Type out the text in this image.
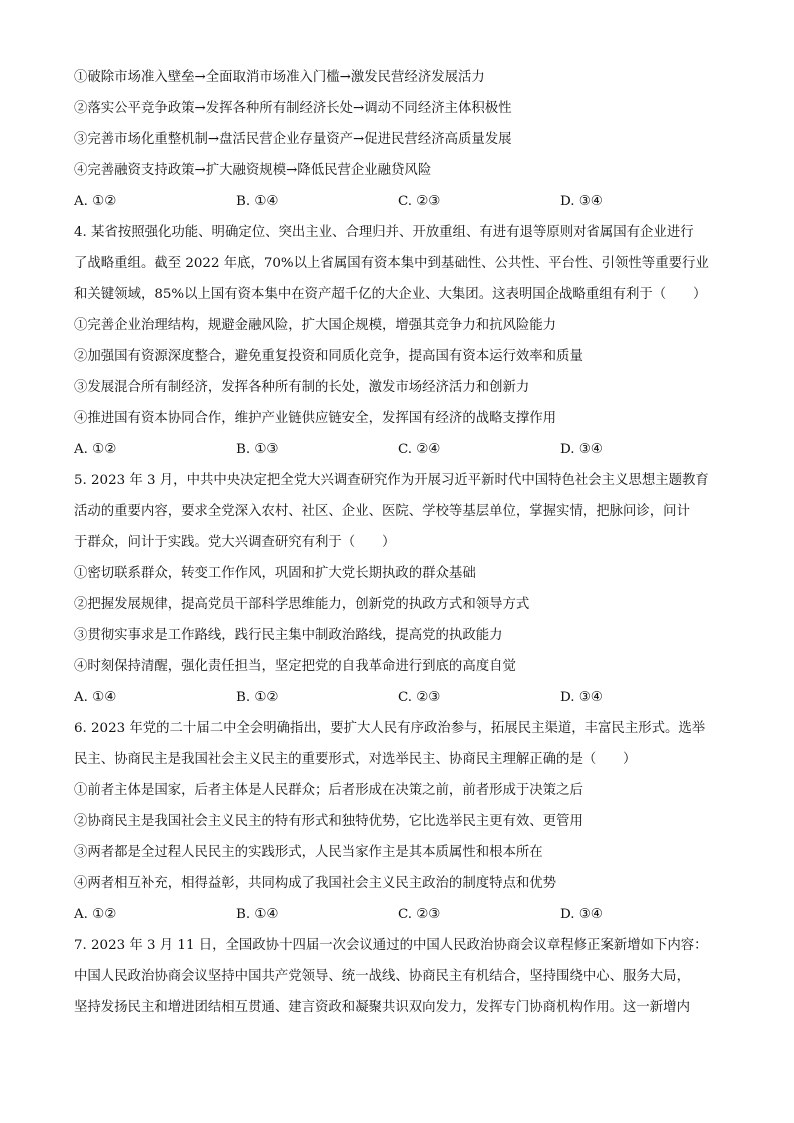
①破除市场准入壁垒→全面取消市场准入门槛→激发民营经济发展活力
②落实公平竞争政策→发挥各种所有制经济长处→调动不同经济主体积极性
③完善市场化重整机制→盘活民营企业存量资产→促进民营经济高质量发展
④完善融资支持政策→扩大融资规模→降低民营企业融贷风险
A. ①②	B. ①④	C. ②③	D. ③④
4. 某省按照强化功能、明确定位、突出主业、合理归并、开放重组、有进有退等原则对省属国有企业进行
了战略重组。截至 2022 年底，70%以上省属国有资本集中到基础性、公共性、平台性、引领性等重要行业
和关键领域，85%以上国有资本集中在资产超千亿的大企业、大集团。这表明国企战略重组有利于（　　）
①完善企业治理结构，规避金融风险，扩大国企规模，增强其竞争力和抗风险能力
②加强国有资源深度整合，避免重复投资和同质化竞争，提高国有资本运行效率和质量
③发展混合所有制经济，发挥各种所有制的长处，激发市场经济活力和创新力
④推进国有资本协同合作，维护产业链供应链安全，发挥国有经济的战略支撑作用
A. ①②	B. ①③	C. ②④	D. ③④
5. 2023 年 3 月，中共中央决定把全党大兴调查研究作为开展习近平新时代中国特色社会主义思想主题教育
活动的重要内容，要求全党深入农村、社区、企业、医院、学校等基层单位，掌握实情，把脉问诊，问计
于群众，问计于实践。党大兴调查研究有利于（　　）
①密切联系群众，转变工作作风，巩固和扩大党长期执政的群众基础
②把握发展规律，提高党员干部科学思维能力，创新党的执政方式和领导方式
③贯彻实事求是工作路线，践行民主集中制政治路线，提高党的执政能力
④时刻保持清醒，强化责任担当，坚定把党的自我革命进行到底的高度自觉
A. ①④	B. ①②	C. ②③	D. ③④
6. 2023 年党的二十届二中全会明确指出，要扩大人民有序政治参与，拓展民主渠道，丰富民主形式。选举
民主、协商民主是我国社会主义民主的重要形式，对选举民主、协商民主理解正确的是（　　）
①前者主体是国家，后者主体是人民群众；后者形成在决策之前，前者形成于决策之后
②协商民主是我国社会主义民主的特有形式和独特优势，它比选举民主更有效、更管用
③两者都是全过程人民民主的实践形式，人民当家作主是其本质属性和根本所在
④两者相互补充，相得益彰，共同构成了我国社会主义民主政治的制度特点和优势
A. ①②	B. ①④	C. ②③	D. ③④
7. 2023 年 3 月 11 日，全国政协十四届一次会议通过的中国人民政治协商会议章程修正案新增如下内容：
中国人民政治协商会议坚持中国共产党领导、统一战线、协商民主有机结合，坚持围绕中心、服务大局，
坚持发扬民主和增进团结相互贯通、建言资政和凝聚共识双向发力，发挥专门协商机构作用。这一新增内
